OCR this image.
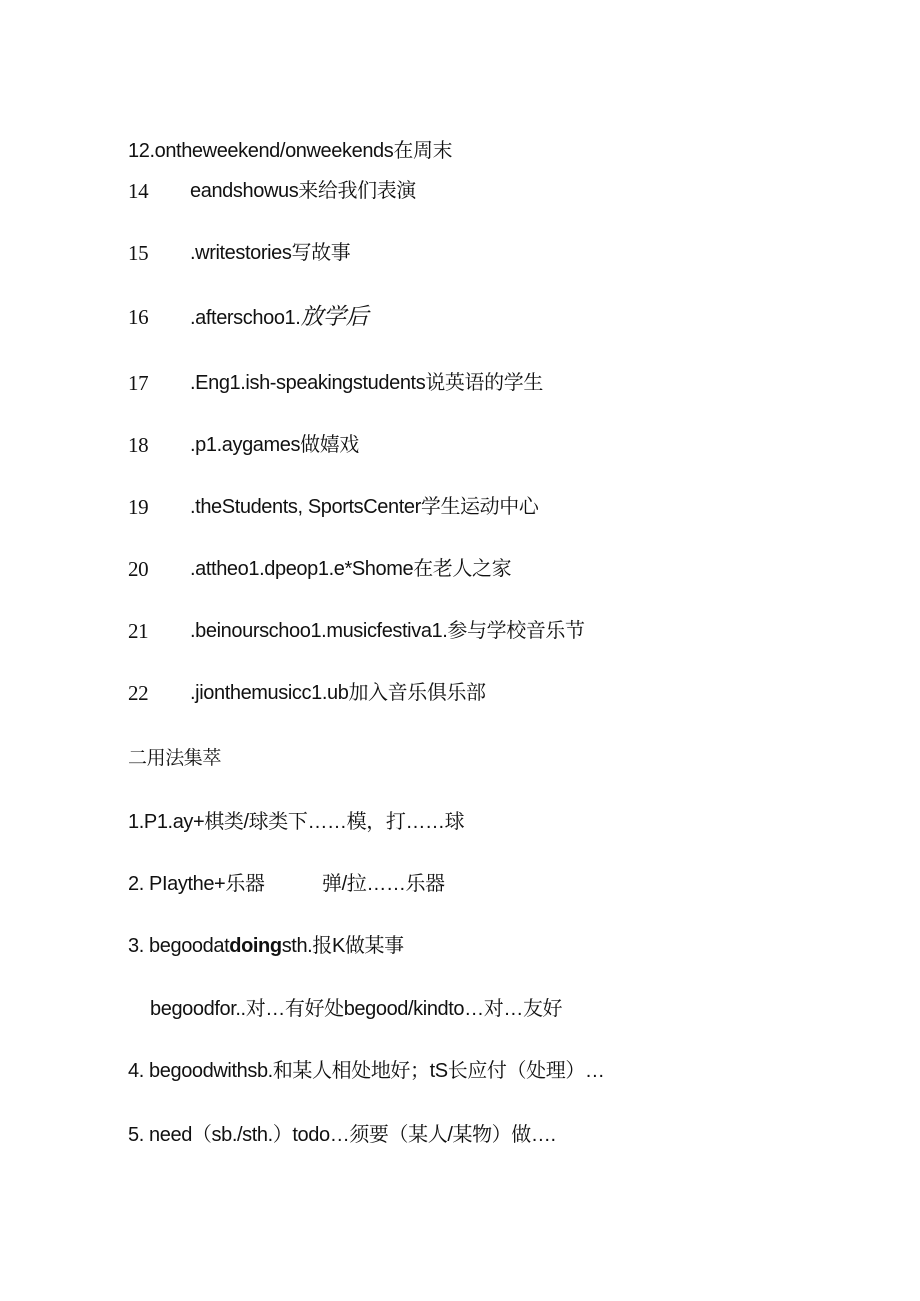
12.ontheweekend/onweekends在周末
14 eandshowus来给我们表演
15 .writestories写故事
16 .afterschoo1.放学后
17 .Eng1.ish-speakingstudents说英语的学生
18 .p1.aygames做嬉戏
19 .theStudents, SportsCenter学生运动中心
20 .attheo1.dpeop1.e*Shome在老人之家
21 .beinourschoo1.musicfestiva1.参与学校音乐节
22 .jionthemusicc1.ub加入音乐俱乐部
二用法集萃
1.P1.ay+棋类/球类下……模，打……球
2. PIaythe+乐器	弹/拉……乐器
3. begoodatdoingsth.报K做某事
begoodfor..对…有好处begood/kindto…对…友好
4. begoodwithsb.和某人相处地好；tS长应付（处理）…
5. need（sb./sth.）todo…须要（某人/某物）做….
